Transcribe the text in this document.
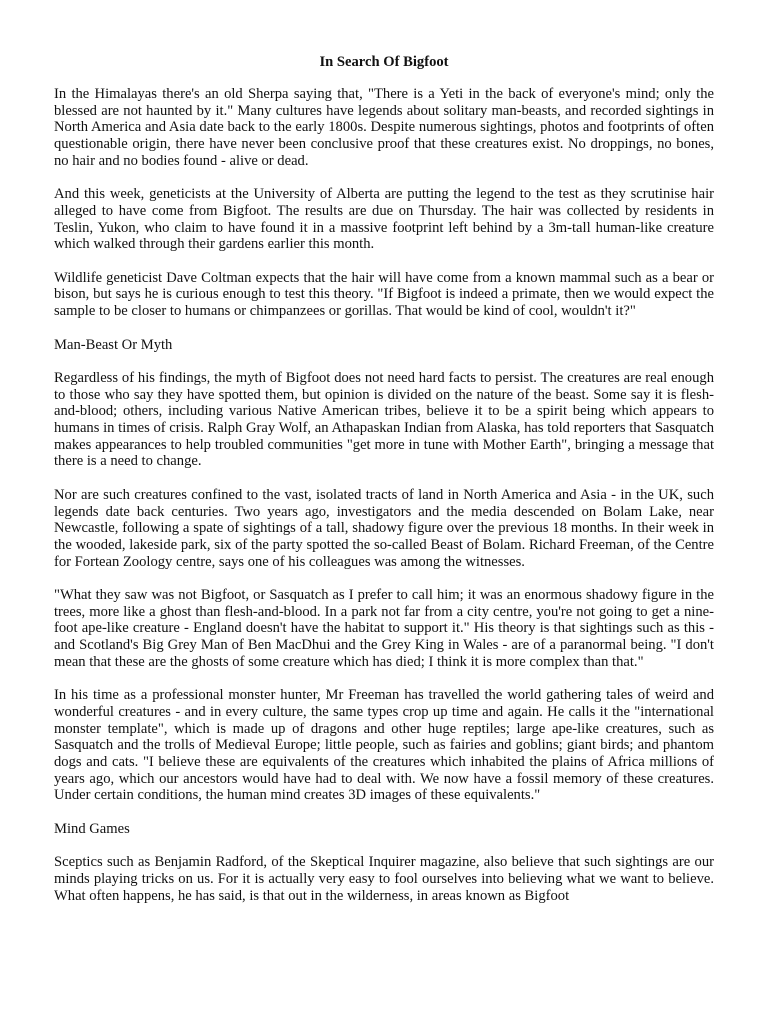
In Search Of Bigfoot
In the Himalayas there's an old Sherpa saying that, "There is a Yeti in the back of everyone's mind; only the blessed are not haunted by it." Many cultures have legends about solitary man-beasts, and recorded sightings in North America and Asia date back to the early 1800s. Despite numerous sightings, photos and footprints of often questionable origin, there have never been conclusive proof that these creatures exist. No droppings, no bones, no hair and no bodies found - alive or dead.
And this week, geneticists at the University of Alberta are putting the legend to the test as they scrutinise hair alleged to have come from Bigfoot. The results are due on Thursday. The hair was collected by residents in Teslin, Yukon, who claim to have found it in a massive footprint left behind by a 3m-tall human-like creature which walked through their gardens earlier this month.
Wildlife geneticist Dave Coltman expects that the hair will have come from a known mammal such as a bear or bison, but says he is curious enough to test this theory. "If Bigfoot is indeed a primate, then we would expect the sample to be closer to humans or chimpanzees or gorillas. That would be kind of cool, wouldn't it?"
Man-Beast Or Myth
Regardless of his findings, the myth of Bigfoot does not need hard facts to persist. The creatures are real enough to those who say they have spotted them, but opinion is divided on the nature of the beast. Some say it is flesh-and-blood; others, including various Native American tribes, believe it to be a spirit being which appears to humans in times of crisis. Ralph Gray Wolf, an Athapaskan Indian from Alaska, has told reporters that Sasquatch makes appearances to help troubled communities "get more in tune with Mother Earth", bringing a message that there is a need to change.
Nor are such creatures confined to the vast, isolated tracts of land in North America and Asia - in the UK, such legends date back centuries. Two years ago, investigators and the media descended on Bolam Lake, near Newcastle, following a spate of sightings of a tall, shadowy figure over the previous 18 months. In their week in the wooded, lakeside park, six of the party spotted the so-called Beast of Bolam. Richard Freeman, of the Centre for Fortean Zoology centre, says one of his colleagues was among the witnesses.
"What they saw was not Bigfoot, or Sasquatch as I prefer to call him; it was an enormous shadowy figure in the trees, more like a ghost than flesh-and-blood. In a park not far from a city centre, you're not going to get a nine-foot ape-like creature - England doesn't have the habitat to support it." His theory is that sightings such as this - and Scotland's Big Grey Man of Ben MacDhui and the Grey King in Wales - are of a paranormal being. "I don't mean that these are the ghosts of some creature which has died; I think it is more complex than that."
In his time as a professional monster hunter, Mr Freeman has travelled the world gathering tales of weird and wonderful creatures - and in every culture, the same types crop up time and again. He calls it the "international monster template", which is made up of dragons and other huge reptiles; large ape-like creatures, such as Sasquatch and the trolls of Medieval Europe; little people, such as fairies and goblins; giant birds; and phantom dogs and cats. "I believe these are equivalents of the creatures which inhabited the plains of Africa millions of years ago, which our ancestors would have had to deal with. We now have a fossil memory of these creatures. Under certain conditions, the human mind creates 3D images of these equivalents."
Mind Games
Sceptics such as Benjamin Radford, of the Skeptical Inquirer magazine, also believe that such sightings are our minds playing tricks on us. For it is actually very easy to fool ourselves into believing what we want to believe. What often happens, he has said, is that out in the wilderness, in areas known as Bigfoot
